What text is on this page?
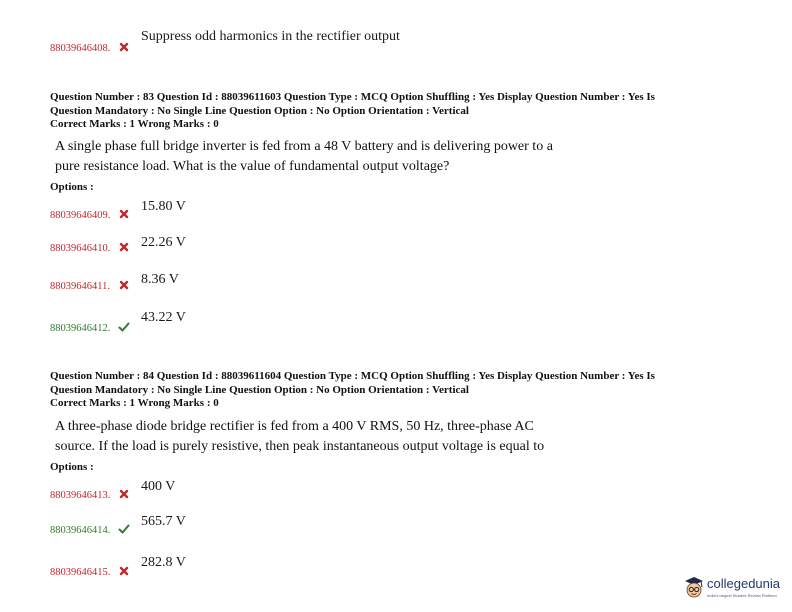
88039646408.
Suppress odd harmonics in the rectifier output
Question Number : 83 Question Id : 88039611603 Question Type : MCQ Option Shuffling : Yes Display Question Number : Yes Is
Question Mandatory : No Single Line Question Option : No Option Orientation : Vertical
Correct Marks : 1 Wrong Marks : 0
A single phase full bridge inverter is fed from a 48 V battery and is delivering power to a
pure resistance load. What is the value of fundamental output voltage?
Options :
88039646409.
15.80 V
88039646410.	22.26 V
88039646411.	8.36 V
88039646412.
43.22 V
Question Number : 84 Question Id : 88039611604 Question Type : MCQ Option Shuffling : Yes Display Question Number : Yes Is
Question Mandatory : No Single Line Question Option : No Option Orientation : Vertical
Correct Marks : 1 Wrong Marks : 0
A three-phase diode bridge rectifier is fed from a 400 V RMS, 50 Hz, three-phase AC
source. If the load is purely resistive, then peak instantaneous output voltage is equal to
Options :
88039646413.
400 V
88039646414.
565.7 V
88039646415.
282.8 V
collegedunia
India's largest Student Review Platform
